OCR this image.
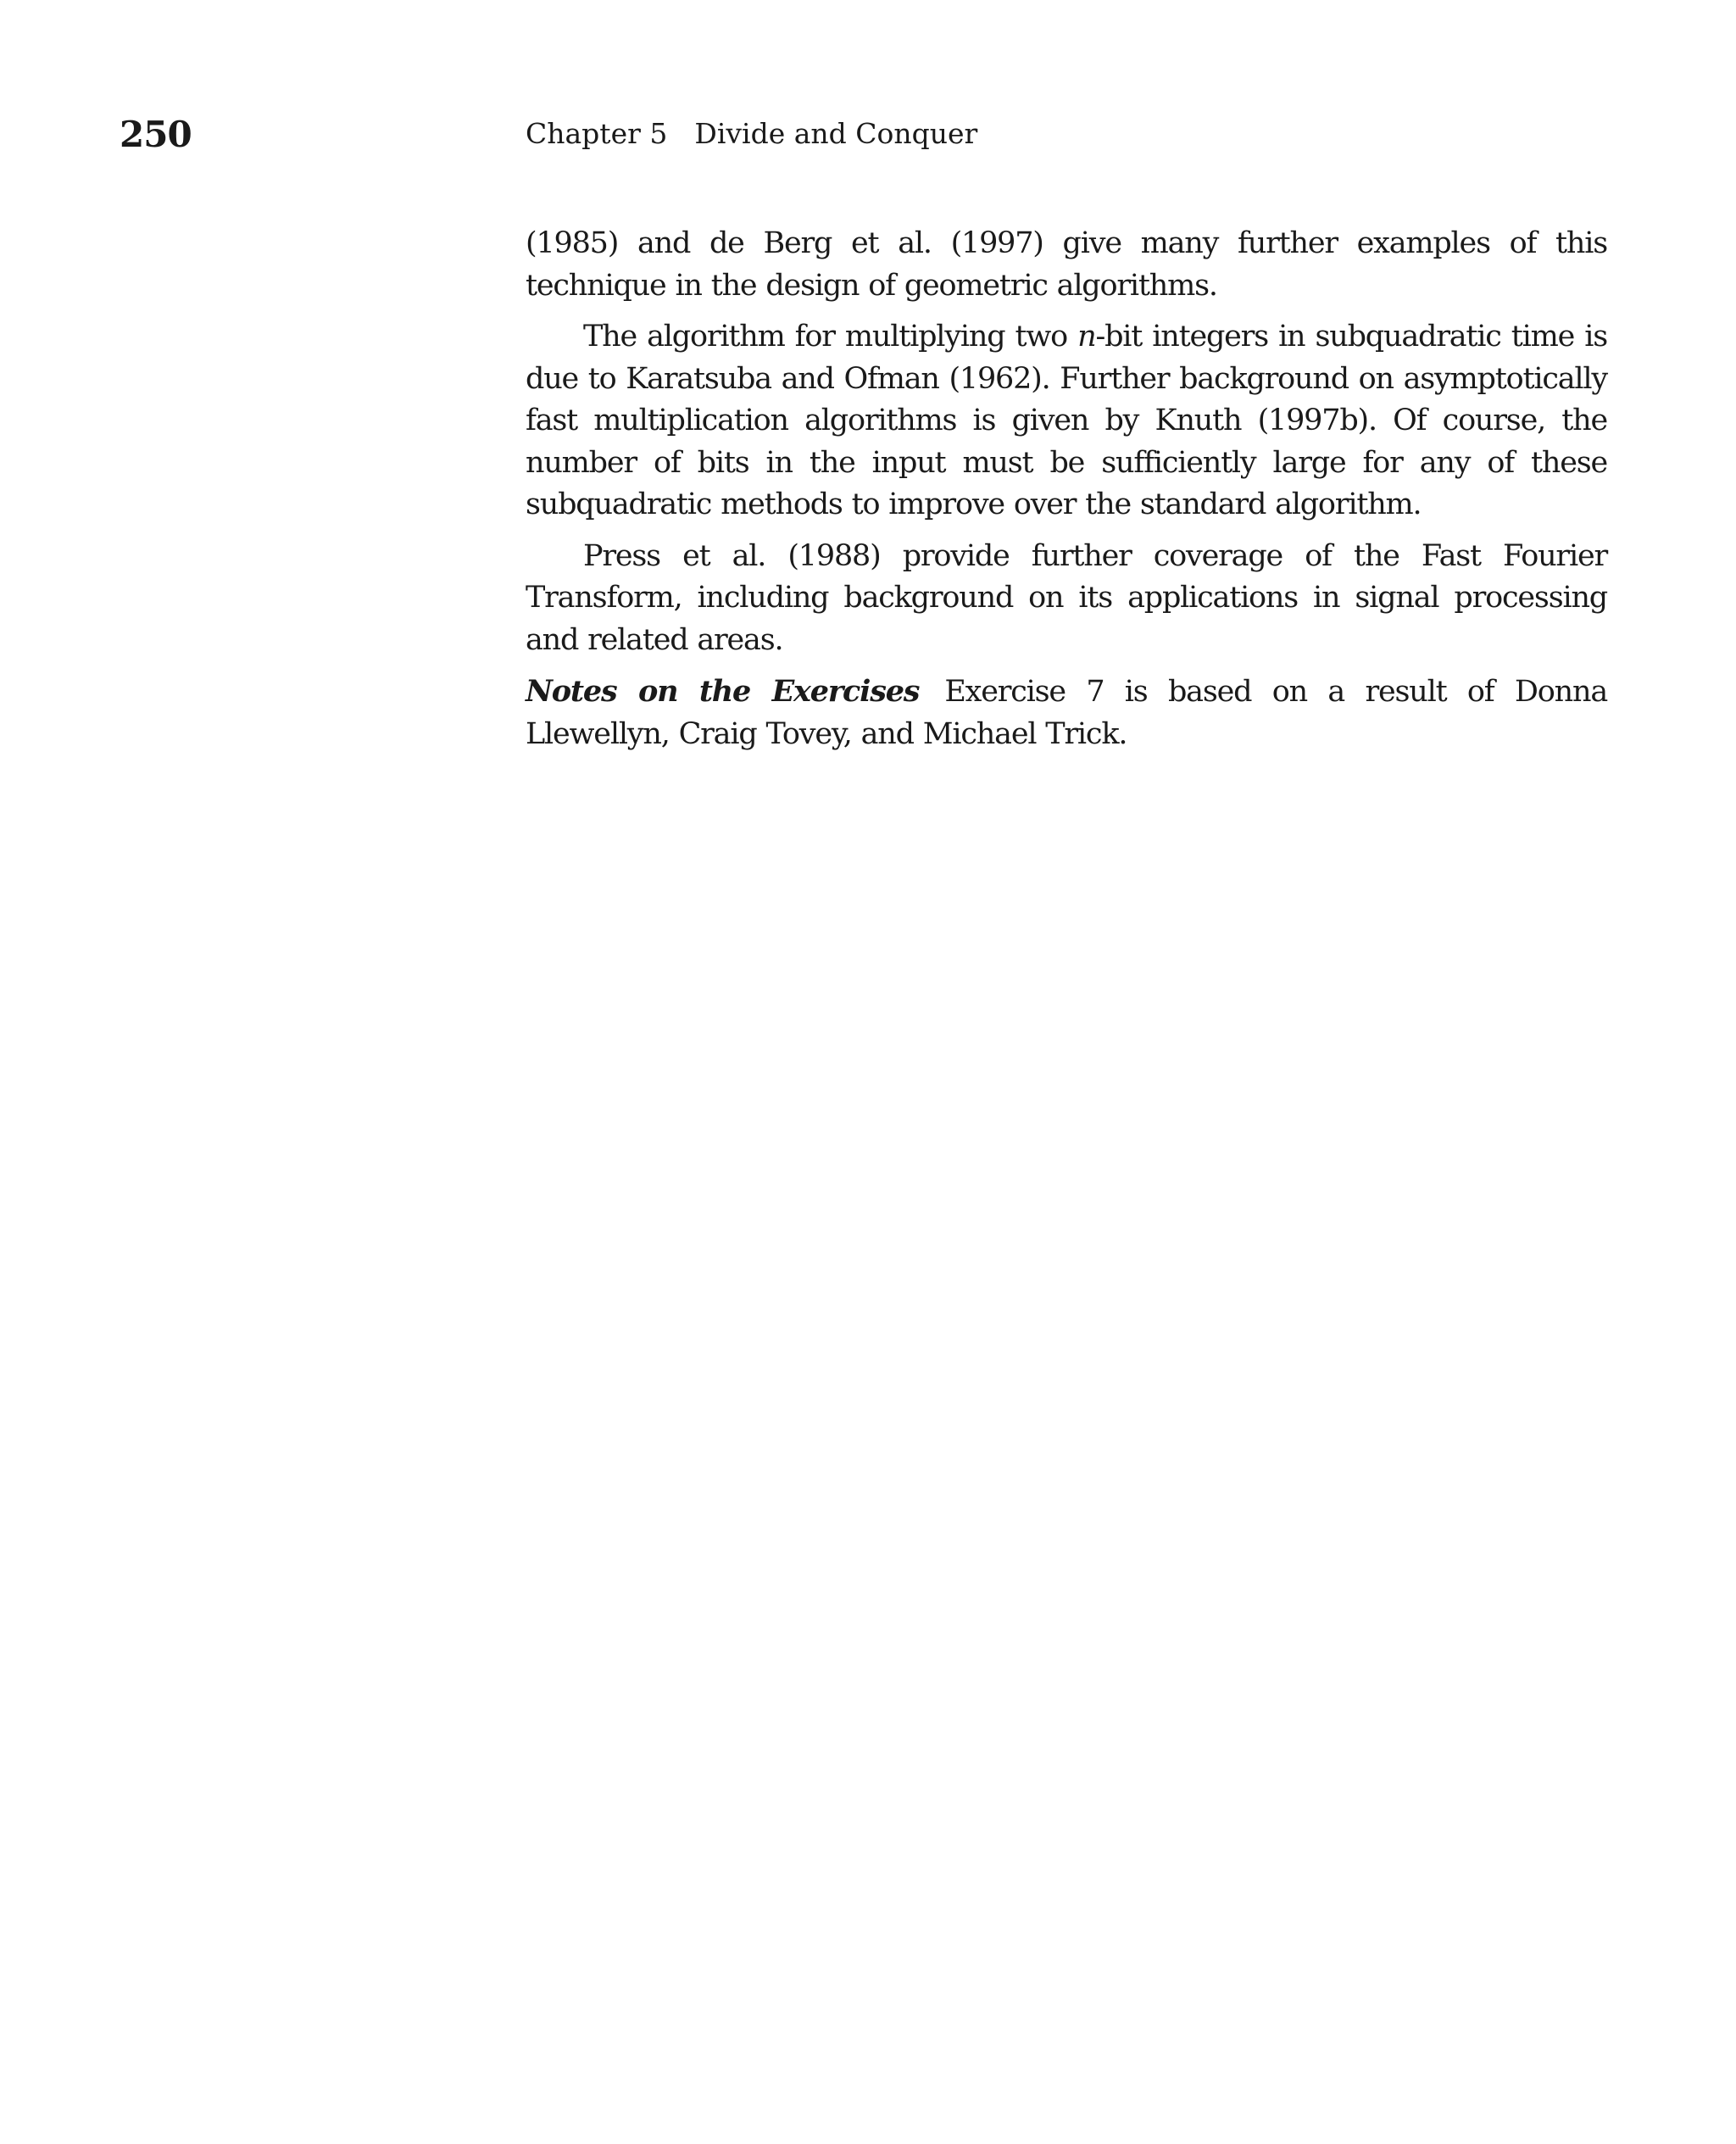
250	Chapter 5 Divide and Conquer

(1985) and de Berg et al. (1997) give many further examples of this technique in the design of geometric algorithms.

The algorithm for multiplying two n-bit integers in subquadratic time is due to Karatsuba and Ofman (1962). Further background on asymptotically fast multiplication algorithms is given by Knuth (1997b). Of course, the number of bits in the input must be sufficiently large for any of these subquadratic methods to improve over the standard algorithm.

Press et al. (1988) provide further coverage of the Fast Fourier Transform, including background on its applications in signal processing and related areas.

Notes on the Exercises Exercise 7 is based on a result of Donna Llewellyn, Craig Tovey, and Michael Trick.
